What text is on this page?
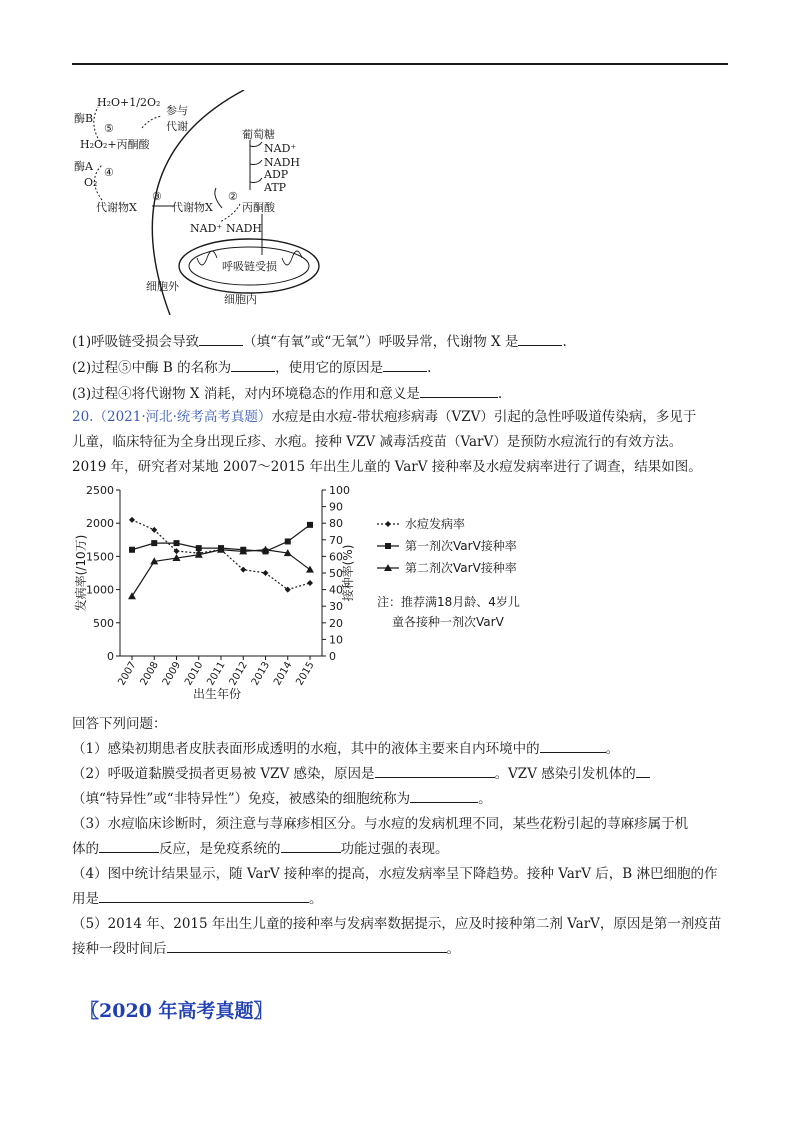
H₂O+1/2O₂
酶B
⑤
参与
代谢
H₂O₂+丙酮酸
酶A ④
O₂
③	②
代谢物X	代谢物X	丙酮酸
葡萄糖
NAD⁺
NADH
ADP
ATP
NAD⁺ NADH
呼吸链受损
细胞外
细胞内
(1)呼吸链受损会导致	（填“有氧”或“无氧”）呼吸异常，代谢物 X 是	.
(2)过程⑤中酶 B 的名称为	，使用它的原因是	.
(3)过程④将代谢物 X 消耗，对内环境稳态的作用和意义是	.
20.（2021·河北·统考高考真题）水痘是由水痘-带状疱疹病毒（VZV）引起的急性呼吸道传染病，多见于
儿童，临床特征为全身出现丘疹、水疱。接种 VZV 减毒活疫苗（VarV）是预防水痘流行的有效方法。
2019 年，研究者对某地 2007～2015 年出生儿童的 VarV 接种率及水痘发病率进行了调查，结果如图。
0
500
1000
1500
2000
2500
0
10
20
30
40
50
60
70
80
90
100
2007 2008 2009 2010 2011 2012 2013 2014 2015
出生年份
发病率(/10万)	接种率(%)
水痘发病率
第一剂次VarV接种率
第二剂次VarV接种率
注：推荐满18月龄、4岁儿
童各接种一剂次VarV
回答下列问题：
（1）感染初期患者皮肤表面形成透明的水疱，其中的液体主要来自内环境中的	。
（2）呼吸道黏膜受损者更易被 VZV 感染，原因是	。VZV 感染引发机体的
（填“特异性”或“非特异性”）免疫，被感染的细胞统称为	。
（3）水痘临床诊断时，须注意与荨麻疹相区分。与水痘的发病机理不同，某些花粉引起的荨麻疹属于机
体的	反应，是免疫系统的	功能过强的表现。
（4）图中统计结果显示，随 VarV 接种率的提高，水痘发病率呈下降趋势。接种 VarV 后，B 淋巴细胞的作
用是	。
（5）2014 年、2015 年出生儿童的接种率与发病率数据提示，应及时接种第二剂 VarV，原因是第一剂疫苗
接种一段时间后	。
〖2020 年高考真题〗
